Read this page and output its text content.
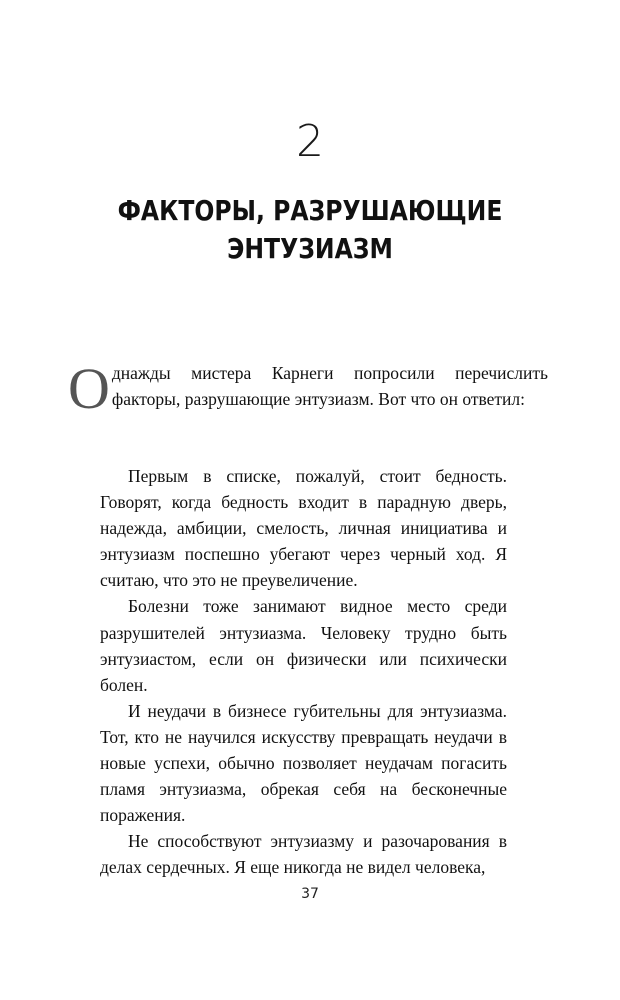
2
ФАКТОРЫ, РАЗРУШАЮЩИЕ
ЭНТУЗИАЗМ
Однажды мистера Карнеги попросили перечислить факторы, разрушающие энтузиазм. Вот что он ответил:

Первым в списке, пожалуй, стоит бедность. Говорят, когда бедность входит в парадную дверь, надежда, амбиции, смелость, личная инициатива и энтузиазм поспешно убегают через черный ход. Я считаю, что это не преувеличение.

Болезни тоже занимают видное место среди разрушителей энтузиазма. Человеку трудно быть энтузиастом, если он физически или психически болен.

И неудачи в бизнесе губительны для энтузиазма. Тот, кто не научился искусству превращать неудачи в новые успехи, обычно позволяет неудачам погасить пламя энтузиазма, обрекая себя на бесконечные поражения.

Не способствуют энтузиазму и разочарования в делах сердечных. Я еще никогда не видел человека,

37
